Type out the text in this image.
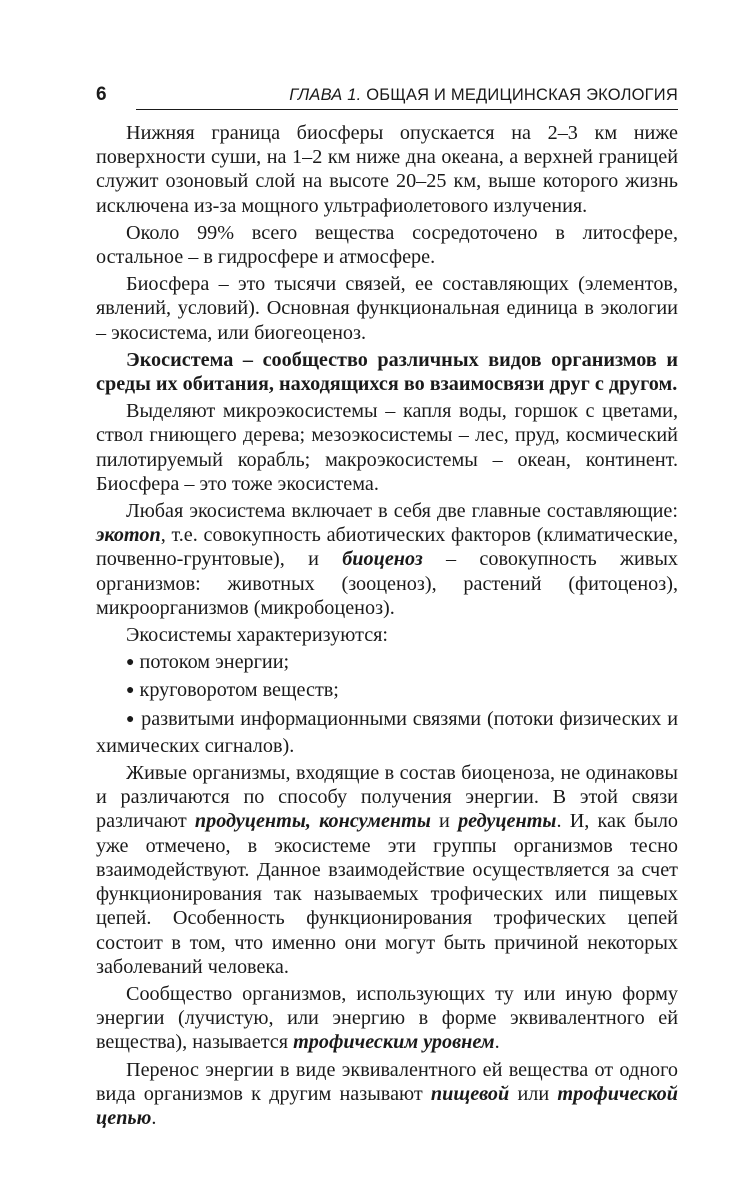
6	ГЛАВА 1. ОБЩАЯ И МЕДИЦИНСКАЯ ЭКОЛОГИЯ

Нижняя граница биосферы опускается на 2–3 км ниже поверхности суши, на 1–2 км ниже дна океана, а верхней границей служит озоновый слой на высоте 20–25 км, выше которого жизнь исключена из-за мощного ультрафиолетового излучения.

Около 99% всего вещества сосредоточено в литосфере, остальное – в гидросфере и атмосфере.

Биосфера – это тысячи связей, ее составляющих (элементов, явлений, условий). Основная функциональная единица в экологии – экосистема, или биогеоценоз.

Экосистема – сообщество различных видов организмов и среды их обитания, находящихся во взаимосвязи друг с другом.

Выделяют микроэкосистемы – капля воды, горшок с цветами, ствол гниющего дерева; мезоэкосистемы – лес, пруд, космический пилотируемый корабль; макроэкосистемы – океан, континент. Биосфера – это тоже экосистема.

Любая экосистема включает в себя две главные составляющие: экотоп, т.е. совокупность абиотических факторов (климатические, почвенно-грунтовые), и биоценоз – совокупность живых организмов: животных (зооценоз), растений (фитоценоз), микроорганизмов (микробоценоз).

Экосистемы характеризуются:

● потоком энергии;

● круговоротом веществ;

● развитыми информационными связями (потоки физических и химических сигналов).

Живые организмы, входящие в состав биоценоза, не одинаковы и различаются по способу получения энергии. В этой связи различают продуценты, консументы и редуценты. И, как было уже отмечено, в экосистеме эти группы организмов тесно взаимодействуют. Данное взаимодействие осуществляется за счет функционирования так называемых трофических или пищевых цепей. Особенность функционирования трофических цепей состоит в том, что именно они могут быть причиной некоторых заболеваний человека.

Сообщество организмов, использующих ту или иную форму энергии (лучистую, или энергию в форме эквивалентного ей вещества), называется трофическим уровнем.

Перенос энергии в виде эквивалентного ей вещества от одного вида организмов к другим называют пищевой или трофической цепью.
